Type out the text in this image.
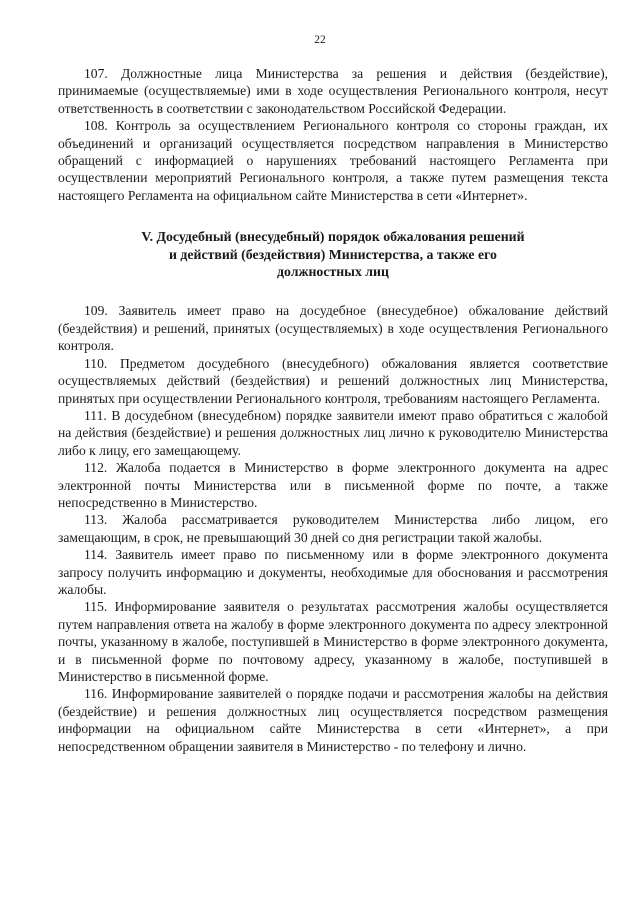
22

107. Должностные лица Министерства за решения и действия (бездействие), принимаемые (осуществляемые) ими в ходе осуществления Регионального контроля, несут ответственность в соответствии с законодательством Российской Федерации.

108. Контроль за осуществлением Регионального контроля со стороны граждан, их объединений и организаций осуществляется посредством направления в Министерство обращений с информацией о нарушениях требований настоящего Регламента при осуществлении мероприятий Регионального контроля, а также путем размещения текста настоящего Регламента на официальном сайте Министерства в сети «Интернет».

V. Досудебный (внесудебный) порядок обжалования решений
и действий (бездействия) Министерства, а также его
должностных лиц

109. Заявитель имеет право на досудебное (внесудебное) обжалование действий (бездействия) и решений, принятых (осуществляемых) в ходе осуществления Регионального контроля.

110. Предметом досудебного (внесудебного) обжалования является соответствие осуществляемых действий (бездействия) и решений должностных лиц Министерства, принятых при осуществлении Регионального контроля, требованиям настоящего Регламента.

111. В досудебном (внесудебном) порядке заявители имеют право обратиться с жалобой на действия (бездействие) и решения должностных лиц лично к руководителю Министерства либо к лицу, его замещающему.

112. Жалоба подается в Министерство в форме электронного документа на адрес электронной почты Министерства или в письменной форме по почте, а также непосредственно в Министерство.

113. Жалоба рассматривается руководителем Министерства либо лицом, его замещающим, в срок, не превышающий 30 дней со дня регистрации такой жалобы.

114. Заявитель имеет право по письменному или в форме электронного документа запросу получить информацию и документы, необходимые для обоснования и рассмотрения жалобы.

115. Информирование заявителя о результатах рассмотрения жалобы осуществляется путем направления ответа на жалобу в форме электронного документа по адресу электронной почты, указанному в жалобе, поступившей в Министерство в форме электронного документа, и в письменной форме по почтовому адресу, указанному в жалобе, поступившей в Министерство в письменной форме.

116. Информирование заявителей о порядке подачи и рассмотрения жалобы на действия (бездействие) и решения должностных лиц осуществляется посредством размещения информации на официальном сайте Министерства в сети «Интернет», а при непосредственном обращении заявителя в Министерство - по телефону и лично.
